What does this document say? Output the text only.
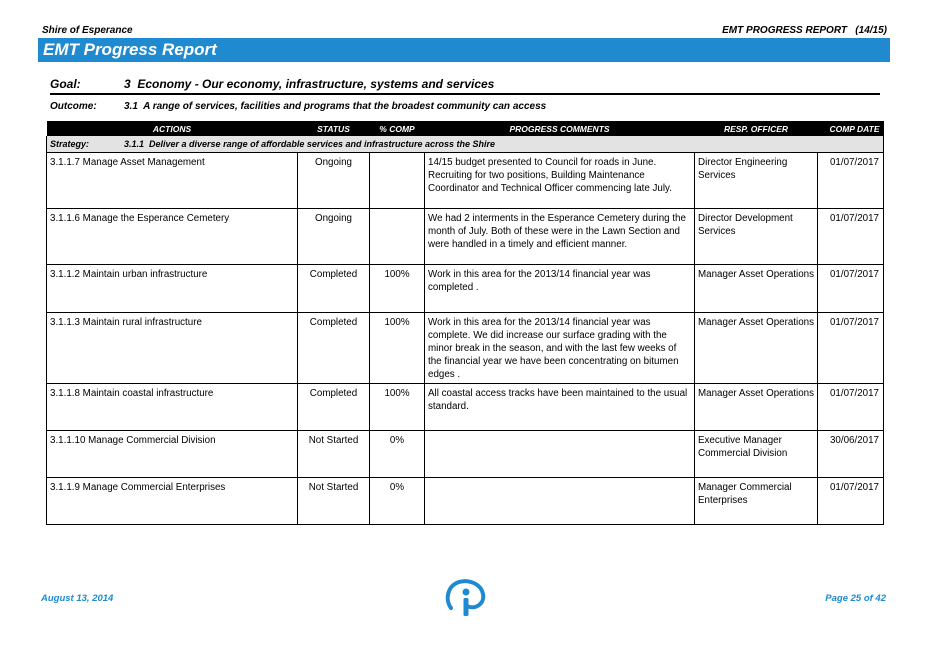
Shire of Esperance	EMT PROGRESS REPORT   (14/15)
EMT Progress Report
Goal:	3  Economy - Our economy, infrastructure, systems and services
Outcome:	3.1  A range of services, facilities and programs that the broadest community can access
ACTIONS	STATUS	% COMP	PROGRESS COMMENTS	RESP. OFFICER	COMP DATE
Strategy: 3.1.1  Deliver a diverse range of affordable services and infrastructure across the Shire					
3.1.1.7 Manage Asset Management	Ongoing		14/15 budget presented to Council for roads in June. Recruiting for two positions, Building Maintenance Coordinator and Technical Officer commencing late July.	Director Engineering Services	01/07/2017
3.1.1.6 Manage the Esperance Cemetery	Ongoing		We had 2 interments in the Esperance Cemetery during the month of July. Both of these were in the Lawn Section and were handled in a timely and efficient manner.	Director Development Services	01/07/2017
3.1.1.2 Maintain urban infrastructure	Completed	100%	Work in this area for the 2013/14 financial year was completed .	Manager Asset Operations	01/07/2017
3.1.1.3 Maintain rural infrastructure	Completed	100%	Work in this area for the 2013/14 financial year was complete. We did increase our surface grading with the minor break in the season, and with the last few weeks of the financial year we have been concentrating on bitumen edges .	Manager Asset Operations	01/07/2017
3.1.1.8 Maintain coastal infrastructure	Completed	100%	All coastal access tracks have been maintained to the usual standard.	Manager Asset Operations	01/07/2017
3.1.1.10 Manage Commercial Division	Not Started	0%		Executive Manager Commercial Division	30/06/2017
3.1.1.9 Manage Commercial Enterprises	Not Started	0%		Manager Commercial Enterprises	01/07/2017
August 13, 2014	Page 25 of 42
